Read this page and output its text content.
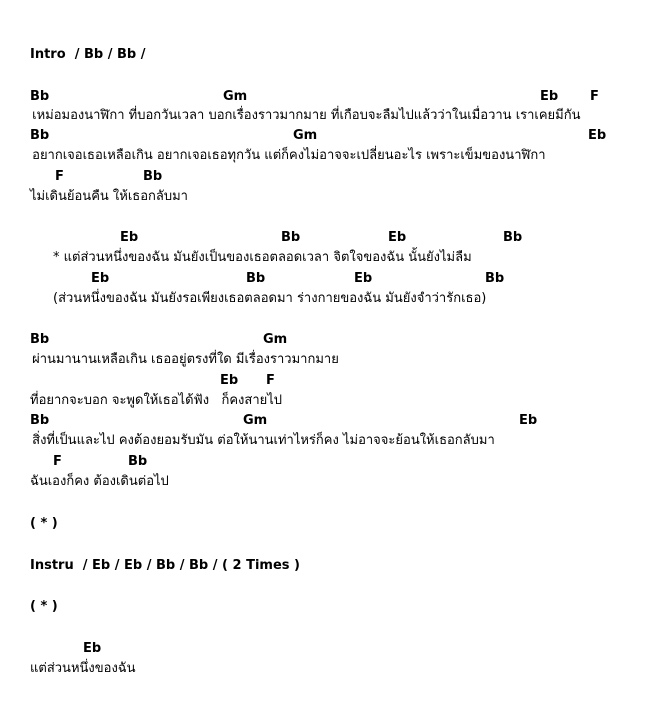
Intro  / Bb / Bb /
เหม่อมองนาฬิกา ที่บอกวันเวลา บอกเรื่องราวมากมาย ที่เกือบจะลืมไปแล้วว่าในเมื่อวาน เราเคยมีกัน
อยากเจอเธอเหลือเกิน อยากเจอเธอทุกวัน แต่ก็คงไม่อาจจะเปลี่ยนอะไร เพราะเข็มของนาฬิกา
ไม่เดินย้อนคืน ให้เธอกลับมา
* แต่ส่วนหนึ่งของฉัน มันยังเป็นของเธอตลอดเวลา จิตใจของฉัน นั้นยังไม่ลืม
(ส่วนหนึ่งของฉัน มันยังรอเพียงเธอตลอดมา ร่างกายของฉัน มันยังจำว่ารักเธอ)
ผ่านมานานเหลือเกิน เธออยู่ตรงที่ใด มีเรื่องราวมากมาย
ที่อยากจะบอก จะพูดให้เธอได้ฟัง   ก็คงสายไป
สิ่งที่เป็นและไป คงต้องยอมรับมัน ต่อให้นานเท่าไหร่ก็คง ไม่อาจจะย้อนให้เธอกลับมา
ฉันเองก็คง ต้องเดินต่อไป
( * )
Instru  / Eb / Eb / Bb / Bb / ( 2 Times )
( * )
แต่ส่วนหนึ่งของฉัน
Bb	Gm	Eb F
Bb	Gm	Eb
F	Bb
Eb	Bb	Eb	Bb
Eb	Bb	Eb	Bb
Bb	Gm
Eb F
Bb	Gm	Eb
F	Bb
Eb
